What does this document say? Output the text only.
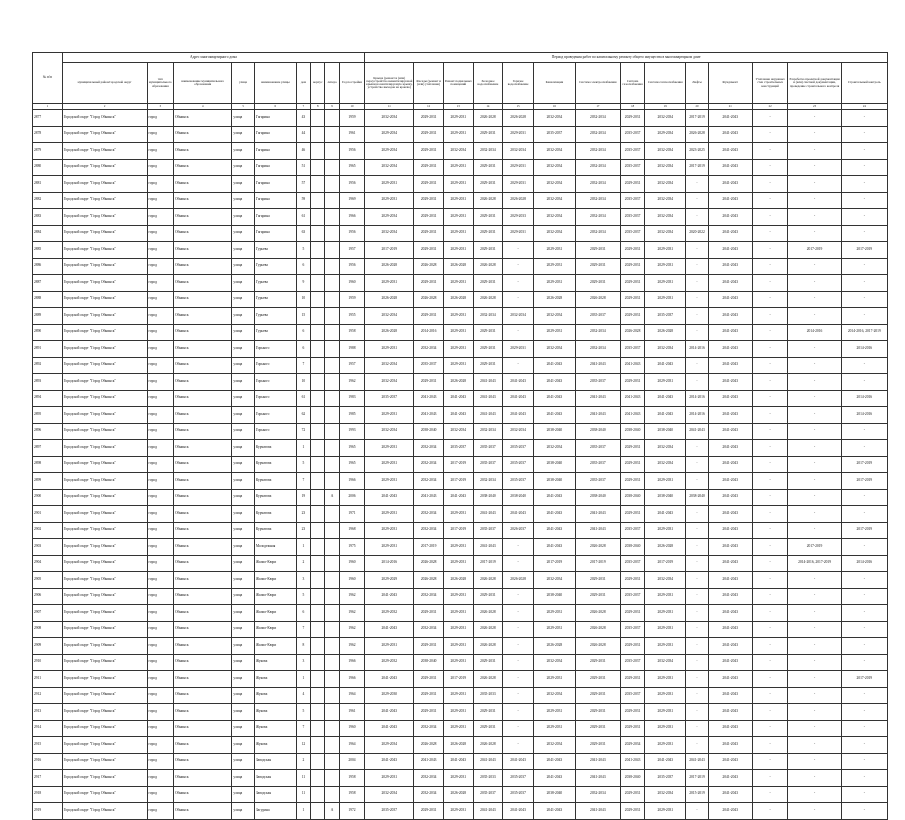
№ п/п	Адрес многоквартирного дома									Период проведения работ по капитальному ремонту общего имущества в многоквартирном доме													
	муниципальный район/городской округ	тип муниципального образования	наименование муниципального образования	улица	наименование улицы	дом	корпус	литера	Год постройки	Крыша (ремонт и (или) переустройство невентилируемой крыши на вентилируемую крышу, устройство выходов на кровлю)	Фасады (ремонт и (или) утепление)	Ремонт подвальных помещений	Холодное водоснабжение	Горячее водоснабжение	Канализация	Система электроснабжения	Система газоснабжения	Система теплоснабжения	Лифты	Фундамент	Утепление наружных стен строительных конструкций	Разработка проектной документации и (или) сметной документации, проведение строительного контроля	Строительный контроль
1	2	3	4	5	6	7	8	9	10	11	12	13	14	15	16	17	18	19	20	21	22	23	24
2877	Городской округ "Город Обнинск"	город	Обнинск	улица	Гагарина	43			1959	2032-2034	2029-2031	2029-2031	2026-2028	2026-2028	2032-2034	2032-2034	2029-2031	2032-2034	2017-2019	2041-2043	-	-	-
2878	Городской округ "Город Обнинск"	город	Обнинск	улица	Гагарина	44			1961	2029-2034	2029-2031	2029-2031	2029-2031	2029-2031	2035-2037	2032-2034	2035-2037	2029-2034	2026-2028	2041-2043	-	-	-
2879	Городской округ "Город Обнинск"	город	Обнинск	улица	Гагарина	46			1956	2029-2034	2029-2031	2032-2034	2032-2034	2032-2034	2032-2034	2032-2034	2035-2037	2032-2034	2023-2025	2041-2043	-	-	-
2880	Городской округ "Город Обнинск"	город	Обнинск	улица	Гагарина	51			1965	2032-2034	2029-2031	2029-2031	2029-2031	2029-2031	2032-2034	2032-2034	2035-2037	2032-2034	2017-2019	2041-2043	-	-	-
2881	Городской округ "Город Обнинск"	город	Обнинск	улица	Гагарина	57			1956	2029-2031	2029-2031	2029-2031	2029-2031	2029-2031	2032-2034	2032-2034	2029-2031	2032-2034	-	2041-2043	-	-	-
2882	Городской округ "Город Обнинск"	город	Обнинск	улица	Гагарина	59			1969	2029-2031	2029-2031	2029-2031	2026-2028	2026-2028	2032-2034	2032-2034	2035-2037	2032-2034	-	2041-2043	-	-	-
2883	Городской округ "Город Обнинск"	город	Обнинск	улица	Гагарина	61			1966	2029-2034	2029-2031	2029-2031	2029-2031	2029-2033	2032-2034	2032-2034	2035-2037	2032-2034	-	2041-2043	-	-	-
2884	Городской округ "Город Обнинск"	город	Обнинск	улица	Гагарина	63			1956	2032-2034	2029-2031	2029-2031	2029-2031	2029-2031	2032-2034	2032-2034	2035-2037	2032-2034	2020-2022	2041-2043	-	-	-
2885	Городской округ "Город Обнинск"	город	Обнинск	улица	Гурьева	5			1957	2017-2019	2029-2031	2029-2031	2029-2031	-	2029-2031	2029-2031	2029-2031	2029-2031	-	2041-2043	-	2017-2019	2017-2019
2886	Городской округ "Город Обнинск"	город	Обнинск	улица	Гурьева	6			1956	2026-2028	2026-2028	2026-2028	2026-2028	-	2029-2031	2029-2031	2029-2031	2029-2031	-	2041-2043	-	-	-
2887	Городской округ "Город Обнинск"	город	Обнинск	улица	Гурьева	9			1960	2029-2031	2029-2031	2029-2031	2029-2031	-	2029-2031	2029-2031	2029-2031	2029-2031	-	2041-2043	-	-	-
2888	Городской округ "Город Обнинск"	город	Обнинск	улица	Гурьева	10			1959	2026-2028	2026-2028	2026-2028	2026-2028	-	2026-2028	2026-2028	2029-2031	2029-2031	-	2041-2043	-	-	-
2889	Городской округ "Город Обнинск"	город	Обнинск	улица	Гурьева	15			1955	2032-2034	2029-2031	2029-2031	2032-2034	2032-2034	2032-2034	2035-2037	2029-2031	2035-2037	-	2041-2043	-	-	-
2890	Городской округ "Город Обнинск"	город	Обнинск	улица	Гурьева	6			1958	2026-2028	2014-2016	2029-2031	2029-2031	-	2029-2031	2032-2034	2026-2028	2026-2028	-	2041-2043	-	2014-2016	2014-2016, 2017-2019
2891	Городской округ "Город Обнинск"	город	Обнинск	улица	Горького	6			1988	2029-2031	2032-2034	2029-2031	2029-2031	2029-2031	2032-2034	2032-2034	2035-2037	2032-2034	2014-2016	2041-2043	-	-	2014-2016
2892	Городской округ "Город Обнинск"	город	Обнинск	улица	Горького	7			1957	2032-2034	2035-2037	2029-2031	2029-2031	-	2041-2043	2041-2043	2041-2043	2041-2043	-	2041-2043	-	-	-
2893	Городской округ "Город Обнинск"	город	Обнинск	улица	Горького	10			1962	2032-2034	2029-2031	2026-2028	2041-2043	2041-2043	2041-2043	2035-2037	2029-2031	2029-2031	-	2041-2043	-	-	-
2894	Городской округ "Город Обнинск"	город	Обнинск	улица	Горького	61			1983	2035-2037	2041-2043	2041-2043	2041-2043	2041-2043	2041-2043	2041-2043	2041-2043	2041-2043	2014-2016	2041-2043	-	-	2014-2016
2895	Городской округ "Город Обнинск"	город	Обнинск	улица	Горького	62			1985	2029-2031	2041-2043	2041-2043	2041-2043	2041-2043	2041-2043	2041-2043	2041-2043	2041-2043	2014-2016	2041-2043	-	-	2014-2016
2896	Городской округ "Город Обнинск"	город	Обнинск	улица	Горького	72			1993	2032-2034	2038-2040	2032-2034	2032-2034	2032-2034	2038-2040	2038-2040	2038-2040	2038-2040	2041-2043	2041-2043	-	-	-
2897	Городской округ "Город Обнинск"	город	Обнинск	улица	Курчатова	1			1965	2029-2031	2032-2034	2035-2037	2035-2037	2035-2037	2032-2034	2035-2037	2029-2031	2032-2034	-	2041-2043	-	-	-
2898	Городской округ "Город Обнинск"	город	Обнинск	улица	Курчатова	5			1965	2029-2031	2032-2034	2017-2019	2035-2037	2035-2037	2038-2040	2035-2037	2029-2031	2032-2034	-	2041-2043	-	-	2017-2019
2899	Городской округ "Город Обнинск"	город	Обнинск	улица	Курчатова	7			1966	2029-2031	2032-2034	2017-2019	2032-2034	2035-2037	2038-2040	2035-2037	2029-2031	2029-2031	-	2041-2043	-	-	2017-2019
2900	Городской округ "Город Обнинск"	город	Обнинск	улица	Курчатова	19		А	2006	2041-2043	2041-2043	2041-2043	2038-2040	2038-2040	2041-2043	2038-2040	2038-2040	2038-2040	2038-2040	2041-2043	-	-	-
2901	Городской округ "Город Обнинск"	город	Обнинск	улица	Курчатова	23			1971	2029-2031	2032-2034	2029-2031	2041-2043	2041-2043	2041-2043	2041-2043	2029-2031	2041-2043	-	2041-2043	-	-	-
2902	Городской округ "Город Обнинск"	город	Обнинск	улица	Курчатова	23			1968	2029-2031	2032-2034	2017-2019	2035-2037	2026-2037	2041-2043	2041-2043	2035-2037	2029-2031	-	2041-2043	-	-	2017-2019
2903	Городской округ "Город Обнинск"	город	Обнинск	улица	Молодежная	1			1975	2029-2031	2017-2019	2029-2031	2041-2043	-	2041-2043	2026-2028	2038-2040	2026-2028	-	2041-2043	-	2017-2019	-
2904	Городской округ "Город Обнинск"	город	Обнинск	улица	Жолио-Кюри	2			1960	2014-2016	2026-2028	2029-2031	2017-2019	-	2017-2019	2017-2019	2035-2037	2017-2019	-	2041-2043	-	2014-2016, 2017-2019	2014-2016
2905	Городской округ "Город Обнинск"	город	Обнинск	улица	Жолио-Кюри	3			1960	2029-2029	2026-2028	2026-2028	2026-2028	2026-2028	2032-2034	2029-2031	2029-2031	2032-2034	-	2041-2043	-	-	-
2906	Городской округ "Город Обнинск"	город	Обнинск	улица	Жолио-Кюри	5			1962	2041-2043	2032-2034	2029-2031	2029-2031	-	2038-2040	2029-2031	2035-2037	2029-2031	-	2041-2043	-	-	-
2907	Городской округ "Город Обнинск"	город	Обнинск	улица	Жолио-Кюри	6			1962	2029-2032	2029-2031	2029-2031	2026-2028	-	2029-2031	2026-2028	2029-2031	2029-2031	-	2041-2043	-	-	-
2908	Городской округ "Город Обнинск"	город	Обнинск	улица	Жолио-Кюри	7			1962	2041-2043	2032-2034	2029-2031	2026-2028	-	2029-2031	2026-2028	2035-2037	2029-2031	-	2041-2043	-	-	-
2909	Городской округ "Город Обнинск"	город	Обнинск	улица	Жолио-Кюри	8			1962	2029-2031	2029-2031	2029-2031	2026-2028	-	2026-2028	2026-2028	2029-2031	2029-2031	-	2041-2043	-	-	-
2910	Городской округ "Город Обнинск"	город	Обнинск	улица	Жукова	3			1966	2029-2032	2038-2040	2029-2031	2029-2031	-	2032-2034	2029-2031	2035-2037	2032-2034	-	2041-2043	-	-	-
2911	Городской округ "Город Обнинск"	город	Обнинск	улица	Жукова	1			1966	2041-2043	2029-2031	2017-2019	2026-2028	-	2029-2031	2029-2031	2029-2031	2029-2031	-	2041-2043	-	-	2017-2019
2912	Городской округ "Город Обнинск"	город	Обнинск	улица	Жукова	4			1964	2029-2030	2029-2031	2029-2031	2035-2033	-	2032-2034	2029-2031	2035-2037	2029-2031	-	2041-2043	-	-	-
2913	Городской округ "Город Обнинск"	город	Обнинск	улица	Жукова	5			1961	2041-2043	2029-2031	2029-2031	2029-2031	-	2029-2031	2029-2031	2029-2031	2029-2031	-	2041-2043	-	-	-
2914	Городской округ "Город Обнинск"	город	Обнинск	улица	Жукова	7			1960	2041-2043	2032-2034	2029-2031	2029-2031	-	2029-2031	2029-2031	2029-2031	2029-2031	-	2041-2043	-	-	-
2915	Городской округ "Город Обнинск"	город	Обнинск	улица	Жукова	12			1964	2029-2034	2026-2028	2026-2028	2026-2028	-	2032-2034	2029-2031	2029-2034	2029-2031	-	2041-2043	-	-	-
2916	Городской округ "Город Обнинск"	город	Обнинск	улица	Заводская	2			2004	2041-2043	2041-2043	2041-2043	2041-2043	2041-2043	2041-2043	2041-2043	2041-2043	2041-2043	2041-2043	2041-2043	-	-	-
2917	Городской округ "Город Обнинск"	город	Обнинск	улица	Заводская	11			1958	2029-2031	2032-2034	2029-2031	2035-2033	2035-2037	2041-2043	2041-2043	2038-2040	2035-2037	2017-2019	2041-2043	-	-	-
2918	Городской округ "Город Обнинск"	город	Обнинск	улица	Заводская	11			1958	2032-2034	2032-2034	2026-2028	2035-2037	2035-2037	2038-2040	2032-2034	2029-2031	2032-2034	2015-2019	2041-2043	-	-	-
2919	Городской округ "Город Обнинск"	город	Обнинск	улица	Загудина	1		А	1972	2035-2037	2029-2031	2029-2031	2041-2043	2041-2043	2041-2043	2041-2043	2029-2031	2029-2031	-	2041-2043	-	-	-
